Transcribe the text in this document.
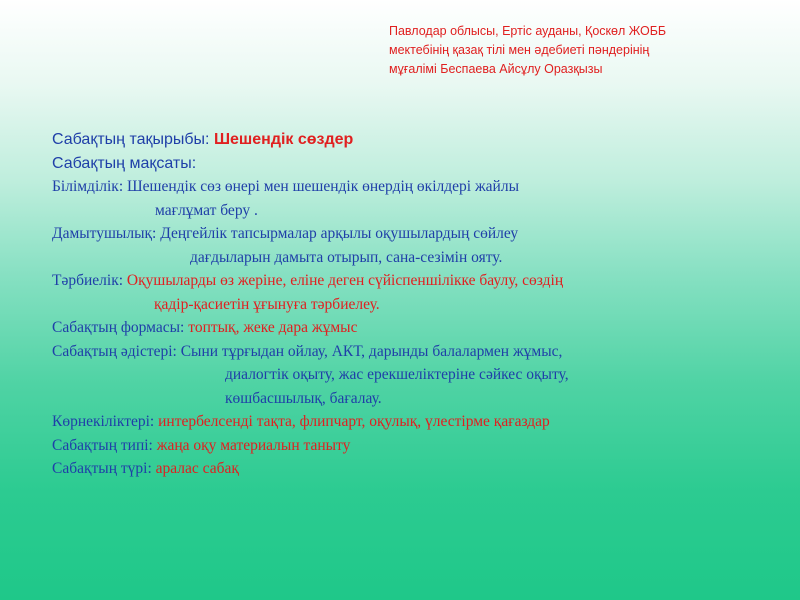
Павлодар облысы, Ертіс ауданы, Қоскөл ЖОББ
мектебінің қазақ тілі мен әдебиеті пәндерінің
мұғалімі Беспаева Айсұлу Оразқызы
Сабақтың тақырыбы: Шешендік сөздер
Сабақтың мақсаты:
Білімділік: Шешендік сөз өнері мен шешендік өнердің өкілдері жайлы
мағлұмат беру .
Дамытушылық: Деңгейлік тапсырмалар арқылы оқушылардың сөйлеу
дағдыларын дамыта отырып, сана-сезімін ояту.
Тәрбиелік: Оқушыларды өз жеріне, еліне деген сүйіспеншілікке баулу, сөздің
қадір-қасиетін ұғынуға тәрбиелеу.
Сабақтың формасы: топтық, жеке дара жұмыс
Сабақтың әдістері: Сыни тұрғыдан ойлау, АКТ, дарынды балалармен жұмыс,
диалогтік оқыту, жас ерекшеліктеріне сәйкес оқыту,
көшбасшылық, бағалау.
Көрнекіліктері: интербелсенді тақта, флипчарт, оқулық, үлестірме қағаздар
Сабақтың типі: жаңа оқу материалын таныту
Сабақтың түрі: аралас сабақ
